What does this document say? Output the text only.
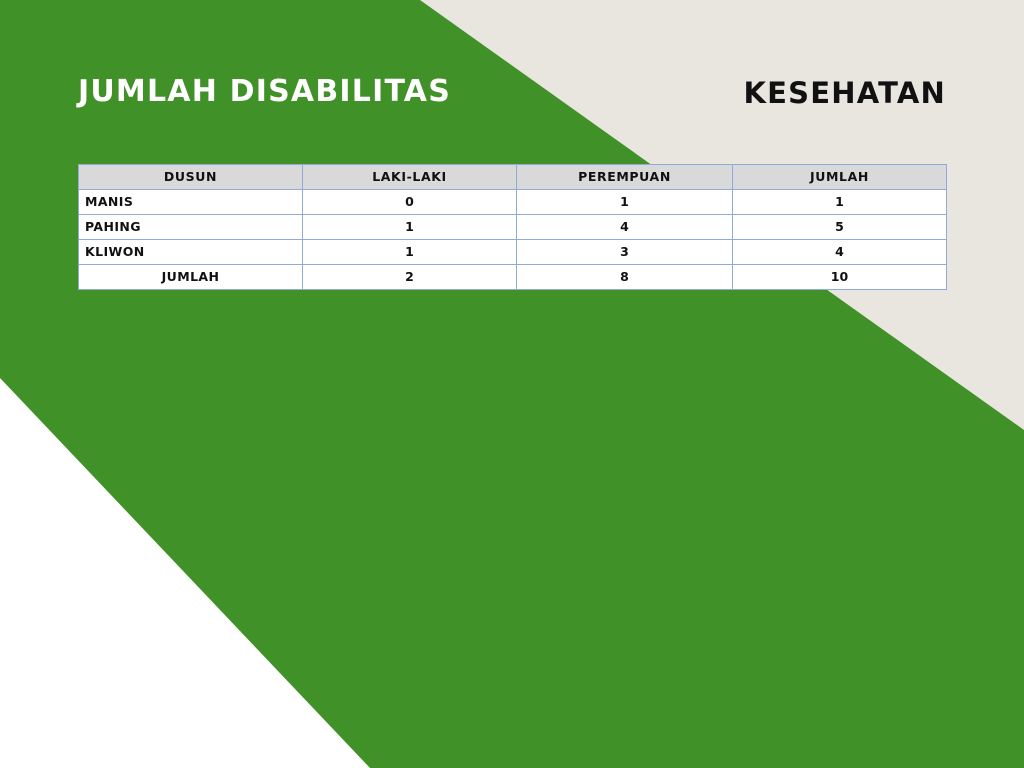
JUMLAH DISABILITAS	KESEHATAN
DUSUN	LAKI-LAKI	PEREMPUAN	JUMLAH
MANIS	0	1	1
PAHING	1	4	5
KLIWON	1	3	4
JUMLAH	2	8	10
